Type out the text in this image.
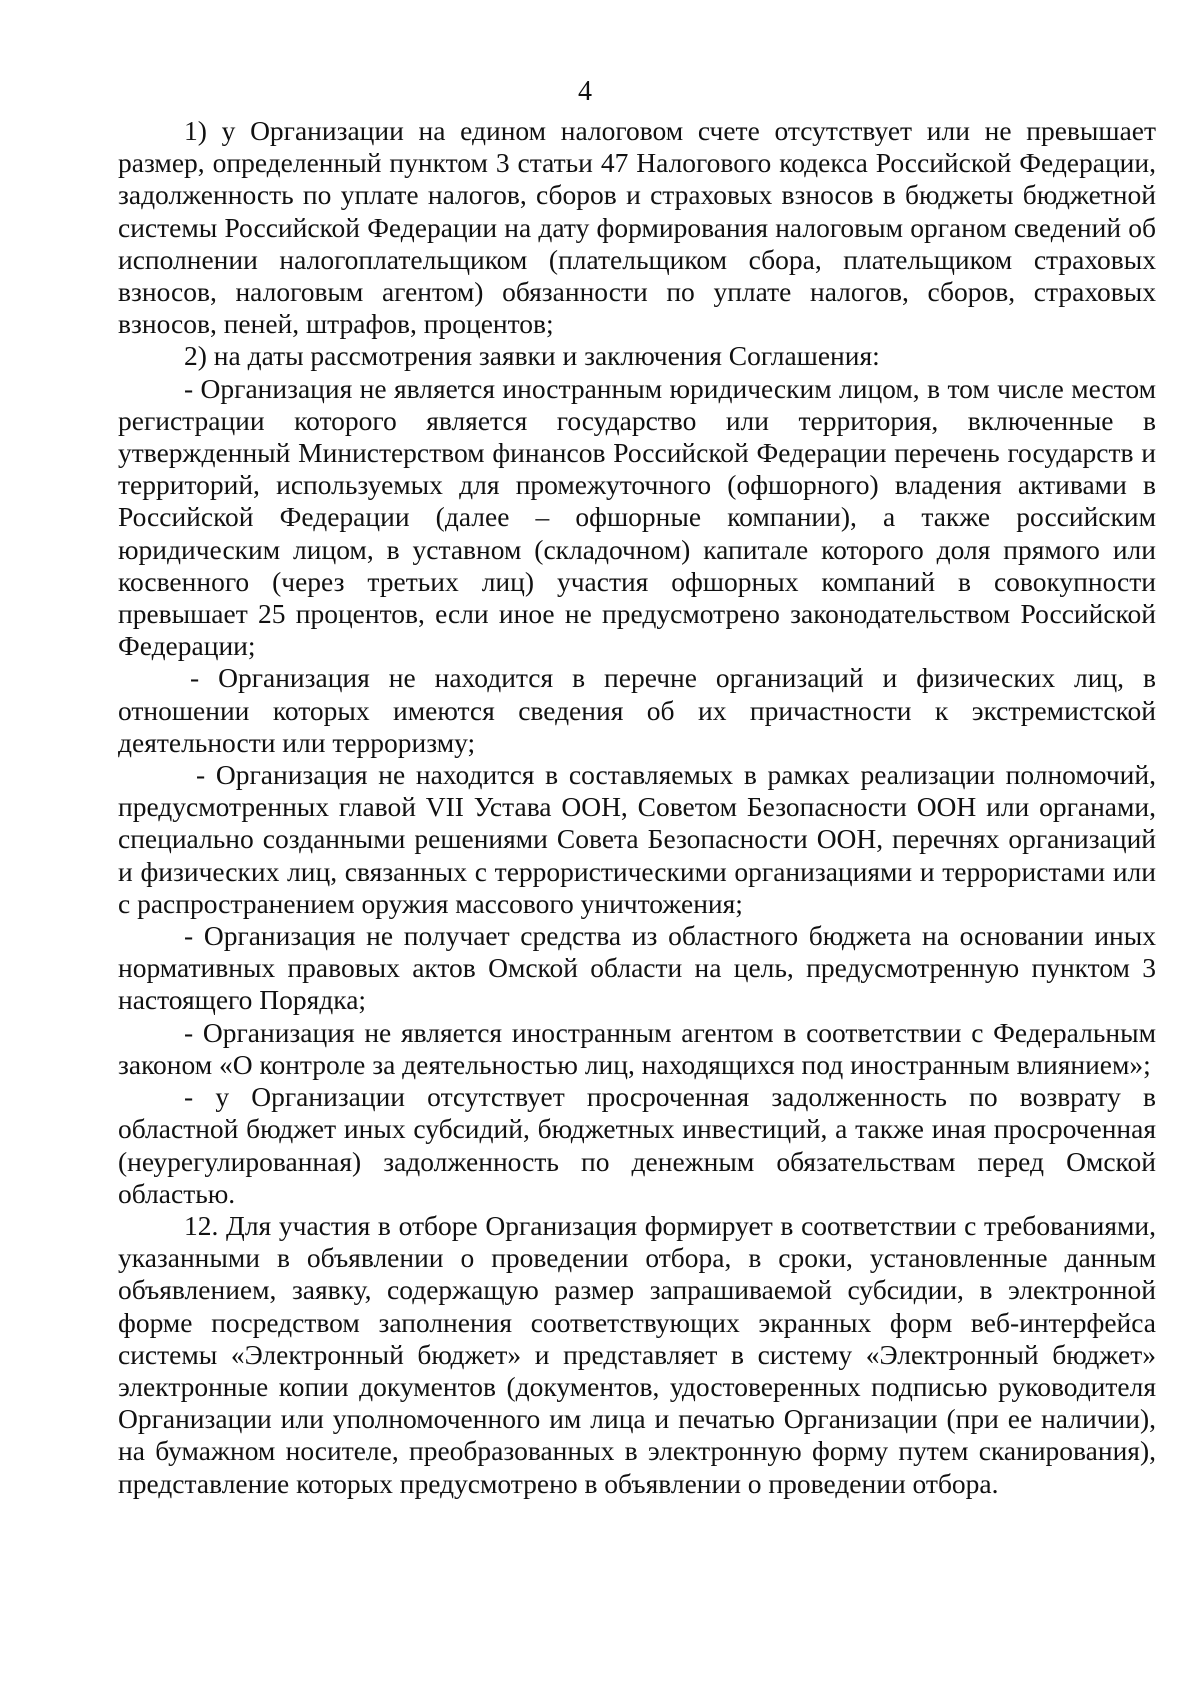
4

1) у Организации на едином налоговом счете отсутствует или не превышает размер, определенный пунктом 3 статьи 47 Налогового кодекса Российской Федерации, задолженность по уплате налогов, сборов и страховых взносов в бюджеты бюджетной системы Российской Федерации на дату формирования налоговым органом сведений об исполнении налогоплательщиком (плательщиком сбора, плательщиком страховых взносов, налоговым агентом) обязанности по уплате налогов, сборов, страховых взносов, пеней, штрафов, процентов;

2) на даты рассмотрения заявки и заключения Соглашения:

- Организация не является иностранным юридическим лицом, в том числе местом регистрации которого является государство или территория, включенные в утвержденный Министерством финансов Российской Федерации перечень государств и территорий, используемых для промежуточного (офшорного) владения активами в Российской Федерации (далее – офшорные компании), а также российским юридическим лицом, в уставном (складочном) капитале которого доля прямого или косвенного (через третьих лиц) участия офшорных компаний в совокупности превышает 25 процентов, если иное не предусмотрено законодательством Российской Федерации;

- Организация не находится в перечне организаций и физических лиц, в отношении которых имеются сведения об их причастности к экстремистской деятельности или терроризму;

- Организация не находится в составляемых в рамках реализации полномочий, предусмотренных главой VII Устава ООН, Советом Безопасности ООН или органами, специально созданными решениями Совета Безопасности ООН, перечнях организаций и физических лиц, связанных с террористическими организациями и террористами или с распространением оружия массового уничтожения;

- Организация не получает средства из областного бюджета на основании иных нормативных правовых актов Омской области на цель, предусмотренную пунктом 3 настоящего Порядка;

- Организация не является иностранным агентом в соответствии с Федеральным законом «О контроле за деятельностью лиц, находящихся под иностранным влиянием»;

- у Организации отсутствует просроченная задолженность по возврату в областной бюджет иных субсидий, бюджетных инвестиций, а также иная просроченная (неурегулированная) задолженность по денежным обязательствам перед Омской областью.

12. Для участия в отборе Организация формирует в соответствии с требованиями, указанными в объявлении о проведении отбора, в сроки, установленные данным объявлением, заявку, содержащую размер запрашиваемой субсидии, в электронной форме посредством заполнения соответствующих экранных форм веб-интерфейса системы «Электронный бюджет» и представляет в систему «Электронный бюджет» электронные копии документов (документов, удостоверенных подписью руководителя Организации или уполномоченного им лица и печатью Организации (при ее наличии), на бумажном носителе, преобразованных в электронную форму путем сканирования), представление которых предусмотрено в объявлении о проведении отбора.
